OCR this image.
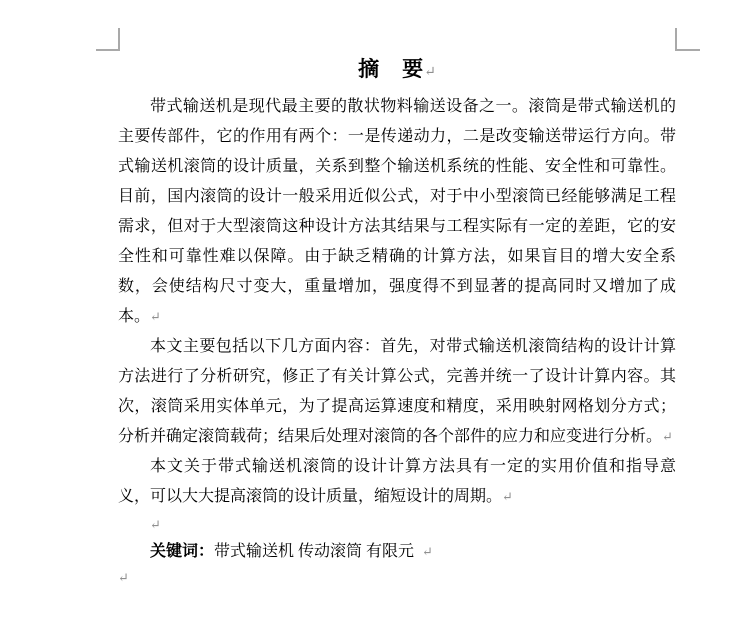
摘　要↵

带式输送机是现代最主要的散状物料输送设备之一。滚筒是带式输送机的主要传部件，它的作用有两个：一是传递动力，二是改变输送带运行方向。带式输送机滚筒的设计质量，关系到整个输送机系统的性能、安全性和可靠性。目前，国内滚筒的设计一般采用近似公式，对于中小型滚筒已经能够满足工程需求，但对于大型滚筒这种设计方法其结果与工程实际有一定的差距，它的安全性和可靠性难以保障。由于缺乏精确的计算方法，如果盲目的增大安全系数，会使结构尺寸变大，重量增加，强度得不到显著的提高同时又增加了成本。↵

本文主要包括以下几方面内容：首先，对带式输送机滚筒结构的设计计算方法进行了分析研究，修正了有关计算公式，完善并统一了设计计算内容。其次，滚筒采用实体单元，为了提高运算速度和精度，采用映射网格划分方式；分析并确定滚筒载荷；结果后处理对滚筒的各个部件的应力和应变进行分析。↵

本文关于带式输送机滚筒的设计计算方法具有一定的实用价值和指导意义，可以大大提高滚筒的设计质量，缩短设计的周期。↵

↵

关键词：带式输送机 传动滚筒 有限元 ↵

↵
